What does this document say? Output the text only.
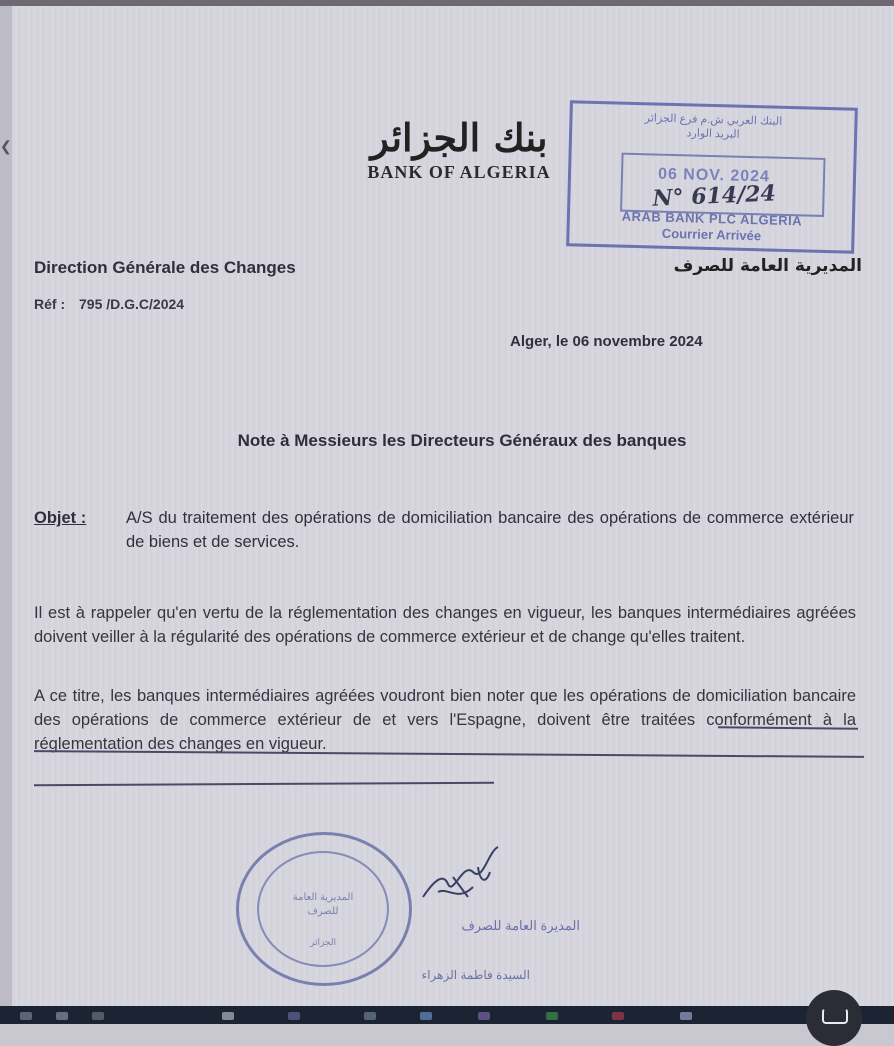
❮	بنك الجزائر
BANK OF ALGERIA
البنك العربي ش.م فرع الجزائر
البريد الوارد
06 NOV. 2024
N° 614/24
ARAB BANK PLC ALGERIA
Courrier Arrivée
Direction Générale des Changes	المديرية العامة للصرف
Réf : 795 /D.G.C/2024
Alger, le 06 novembre 2024
Note à Messieurs les Directeurs Généraux des banques
Objet : A/S du traitement des opérations de domiciliation bancaire des opérations de commerce extérieur de biens et de services.
Il est à rappeler qu'en vertu de la réglementation des changes en vigueur, les banques intermédiaires agréées doivent veiller à la régularité des opérations de commerce extérieur et de change qu'elles traitent.
A ce titre, les banques intermédiaires agréées voudront bien noter que les opérations de domiciliation bancaire des opérations de commerce extérieur de et vers l'Espagne, doivent être traitées conformément à la réglementation des changes en vigueur.
المديرية العامة للصرف
الجزائر
المديرة العامة للصرف
السيدة فاطمة الزهراء
